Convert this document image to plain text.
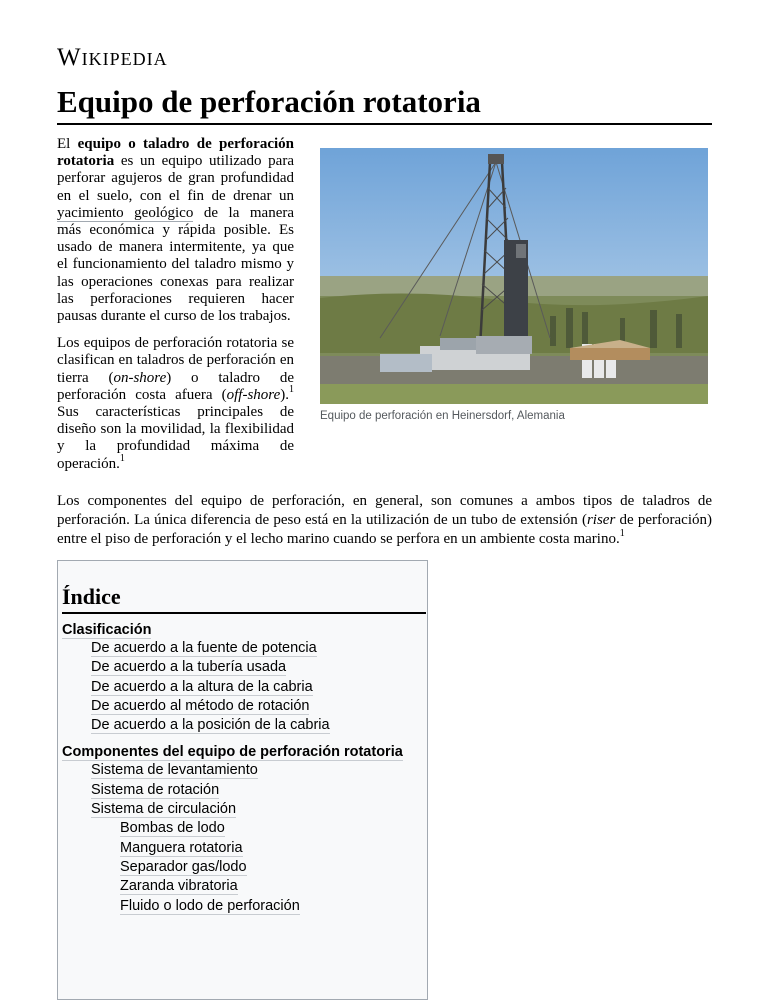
Wikipedia
Equipo de perforación rotatoria

El equipo o taladro de perforación rotatoria es un equipo utilizado para perforar agujeros de gran profundidad en el suelo, con el fin de drenar un yacimiento geológico de la manera más económica y rápida posible. Es usado de manera intermitente, ya que el funcionamiento del taladro mismo y las operaciones conexas para realizar las perforaciones requieren hacer pausas durante el curso de los trabajos.

Los equipos de perforación rotatoria se clasifican en taladros de perforación en tierra (on-shore) o taladro de perforación costa afuera (off-shore).$^1$ Sus características principales de diseño son la movilidad, la flexibilidad y la profundidad máxima de operación.$^1$

Equipo de perforación en Heinersdorf, Alemania

Los componentes del equipo de perforación, en general, son comunes a ambos tipos de taladros de perforación. La única diferencia de peso está en la utilización de un tubo de extensión (riser de perforación) entre el piso de perforación y el lecho marino cuando se perfora en un ambiente costa marino.$^1$

Índice
Clasificación
De acuerdo a la fuente de potencia
De acuerdo a la tubería usada
De acuerdo a la altura de la cabria
De acuerdo al método de rotación
De acuerdo a la posición de la cabria
Componentes del equipo de perforación rotatoria
Sistema de levantamiento
Sistema de rotación
Sistema de circulación
Bombas de lodo
Manguera rotatoria
Separador gas/lodo
Zaranda vibratoria
Fluido o lodo de perforación
